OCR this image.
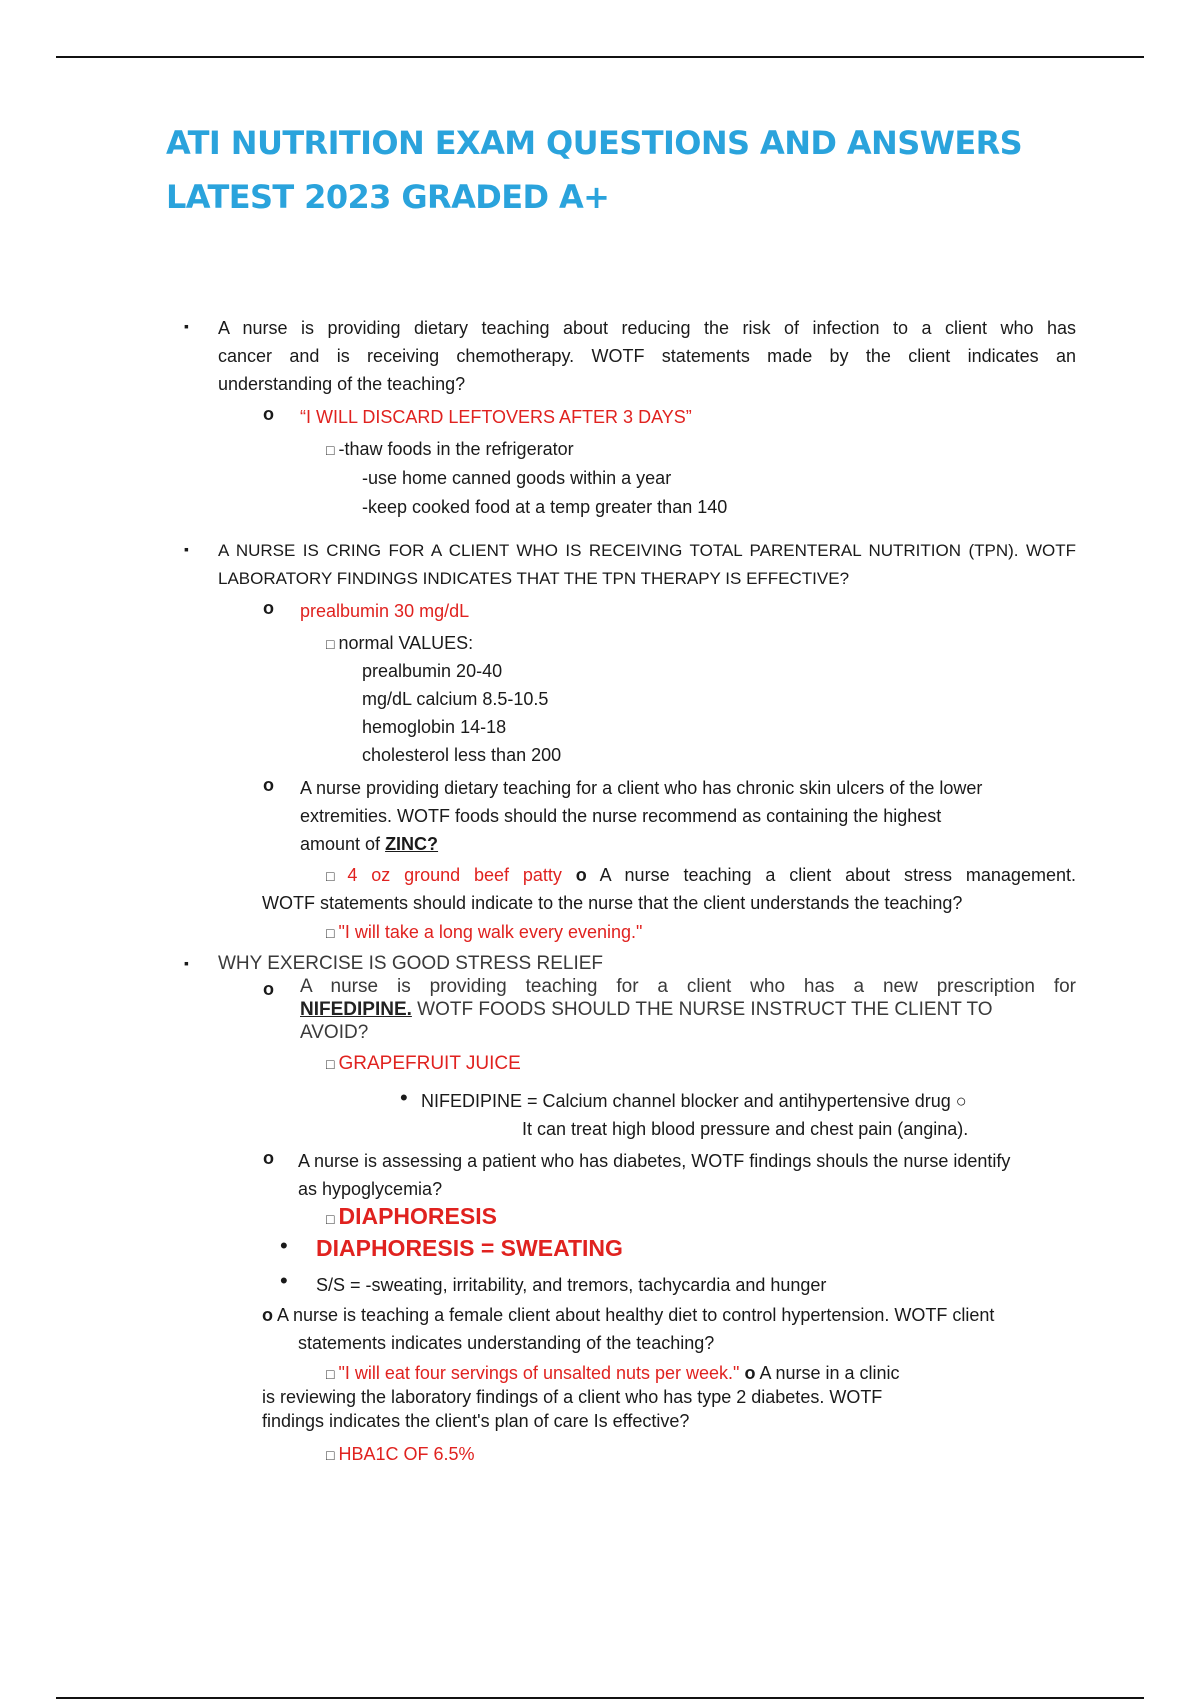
ATI NUTRITION EXAM QUESTIONS AND ANSWERS
LATEST 2023 GRADED A+
▪ A nurse is providing dietary teaching about reducing the risk of infection to a client who has
cancer and is receiving chemotherapy. WOTF statements made by the client indicates an
understanding of the teaching?
o “I WILL DISCARD LEFTOVERS AFTER 3 DAYS”
□ -thaw foods in the refrigerator
-use home canned goods within a year
-keep cooked food at a temp greater than 140
▪ A NURSE IS CRING FOR A CLIENT WHO IS RECEIVING TOTAL PARENTERAL NUTRITION (TPN). WOTF
LABORATORY FINDINGS INDICATES THAT THE TPN THERAPY IS EFFECTIVE?
o prealbumin 30 mg/dL
□ normal VALUES:
prealbumin 20-40
mg/dL calcium 8.5-10.5
hemoglobin 14-18
cholesterol less than 200
o A nurse providing dietary teaching for a client who has chronic skin ulcers of the lower
extremities. WOTF foods should the nurse recommend as containing the highest
amount of ZINC?
□ 4 oz ground beef patty o A nurse teaching a client about stress management.
WOTF statements should indicate to the nurse that the client understands the teaching?
□ "I will take a long walk every evening."
▪ WHY EXERCISE IS GOOD STRESS RELIEF
o A nurse is providing teaching for a client who has a new prescription for
NIFEDIPINE. WOTF FOODS SHOULD THE NURSE INSTRUCT THE CLIENT TO
AVOID?
□ GRAPEFRUIT JUICE
• NIFEDIPINE = Calcium channel blocker and antihypertensive drug ○
It can treat high blood pressure and chest pain (angina).
o A nurse is assessing a patient who has diabetes, WOTF findings shouls the nurse identify
as hypoglycemia?
□ DIAPHORESIS
• DIAPHORESIS = SWEATING
• S/S = -sweating, irritability, and tremors, tachycardia and hunger
o A nurse is teaching a female client about healthy diet to control hypertension. WOTF client
statements indicates understanding of the teaching?
□ "I will eat four servings of unsalted nuts per week." o A nurse in a clinic
is reviewing the laboratory findings of a client who has type 2 diabetes. WOTF
findings indicates the client's plan of care Is effective?
□ HBA1C OF 6.5%
